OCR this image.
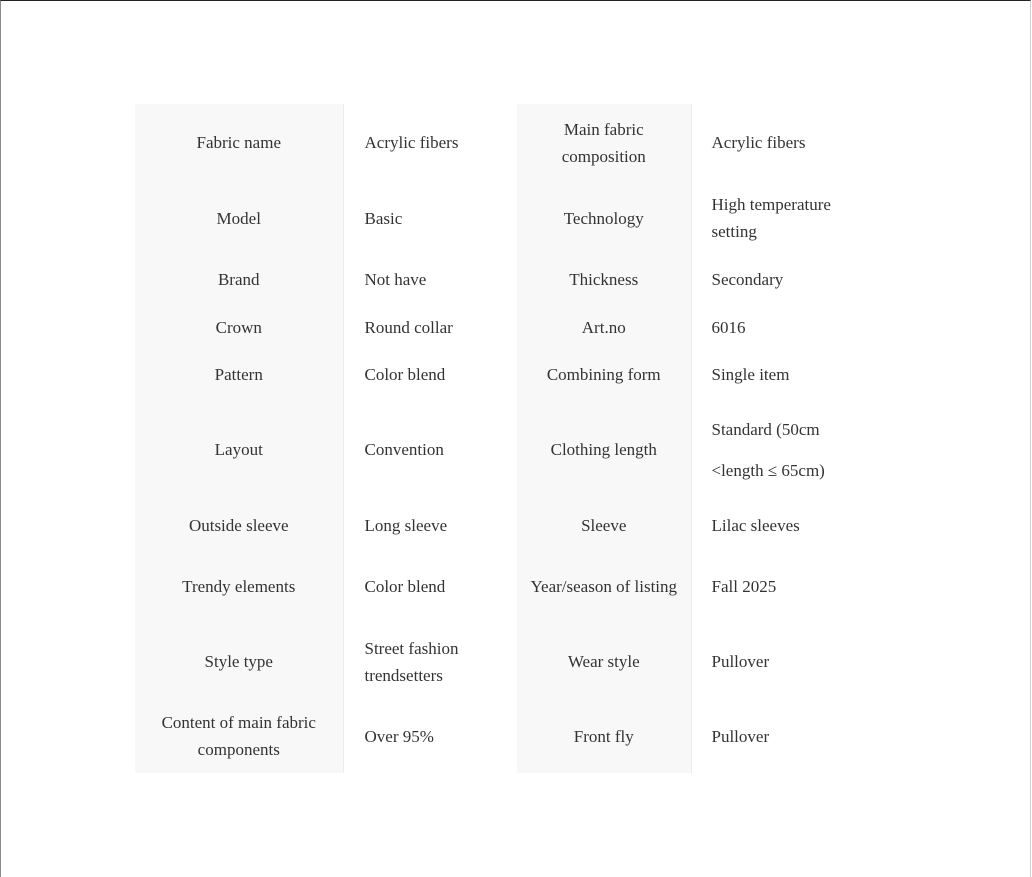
Fabric name	Acrylic fibers	Main fabric composition	Acrylic fibers
Model	Basic	Technology	High temperature setting
Brand	Not have	Thickness	Secondary
Crown	Round collar	Art.no	6016
Pattern	Color blend	Combining form	Single item
Layout	Convention	Clothing length	Standard (50cm <length ≤ 65cm)
Outside sleeve	Long sleeve	Sleeve	Lilac sleeves
Trendy elements	Color blend	Year/season of listing	Fall 2025
Style type	Street fashion trendsetters	Wear style	Pullover
Content of main fabric components	Over 95%	Front fly	Pullover
